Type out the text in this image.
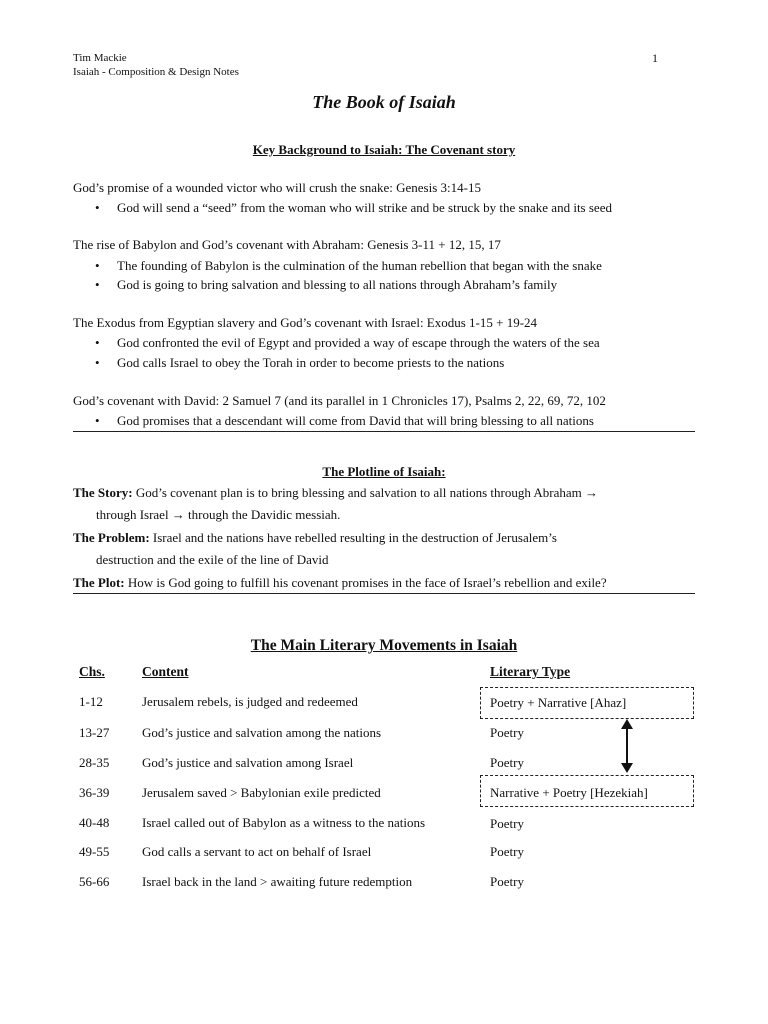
Tim Mackie
Isaiah - Composition & Design Notes
1
The Book of Isaiah
Key Background to Isaiah: The Covenant story
God’s promise of a wounded victor who will crush the snake: Genesis 3:14-15
• God will send a “seed” from the woman who will strike and be struck by the snake and its seed
The rise of Babylon and God’s covenant with Abraham: Genesis 3-11 + 12, 15, 17
• The founding of Babylon is the culmination of the human rebellion that began with the snake
• God is going to bring salvation and blessing to all nations through Abraham’s family
The Exodus from Egyptian slavery and God’s covenant with Israel: Exodus 1-15 + 19-24
• God confronted the evil of Egypt and provided a way of escape through the waters of the sea
• God calls Israel to obey the Torah in order to become priests to the nations
God’s covenant with David: 2 Samuel 7 (and its parallel in 1 Chronicles 17), Psalms 2, 22, 69, 72, 102
• God promises that a descendant will come from David that will bring blessing to all nations
The Plotline of Isaiah:
The Story: God’s covenant plan is to bring blessing and salvation to all nations through Abraham →
through Israel → through the Davidic messiah.
The Problem: Israel and the nations have rebelled resulting in the destruction of Jerusalem’s
destruction and the exile of the line of David
The Plot: How is God going to fulfill his covenant promises in the face of Israel’s rebellion and exile?
The Main Literary Movements in Isaiah
Chs.	Content	Literary Type
1-12	Jerusalem rebels, is judged and redeemed	Poetry + Narrative [Ahaz]
13-27	God’s justice and salvation among the nations	Poetry
28-35	God’s justice and salvation among Israel	Poetry
36-39	Jerusalem saved > Babylonian exile predicted	Narrative + Poetry [Hezekiah]
40-48	Israel called out of Babylon as a witness to the nations	Poetry
49-55	God calls a servant to act on behalf of Israel	Poetry
56-66	Israel back in the land > awaiting future redemption	Poetry
